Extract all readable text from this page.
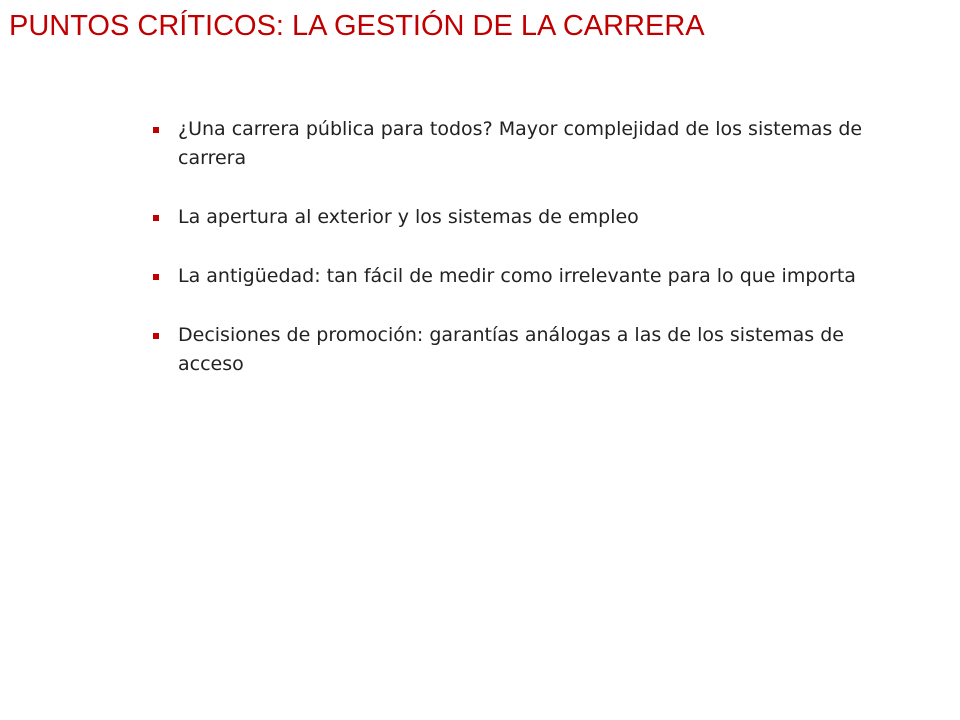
PUNTOS CRÍTICOS: LA GESTIÓN DE LA CARRERA
¿Una carrera pública para todos? Mayor complejidad de los sistemas de carrera
La apertura al exterior y los sistemas de empleo
La antigüedad: tan fácil de medir como irrelevante para lo que importa
Decisiones de promoción: garantías análogas a las de los sistemas de acceso
